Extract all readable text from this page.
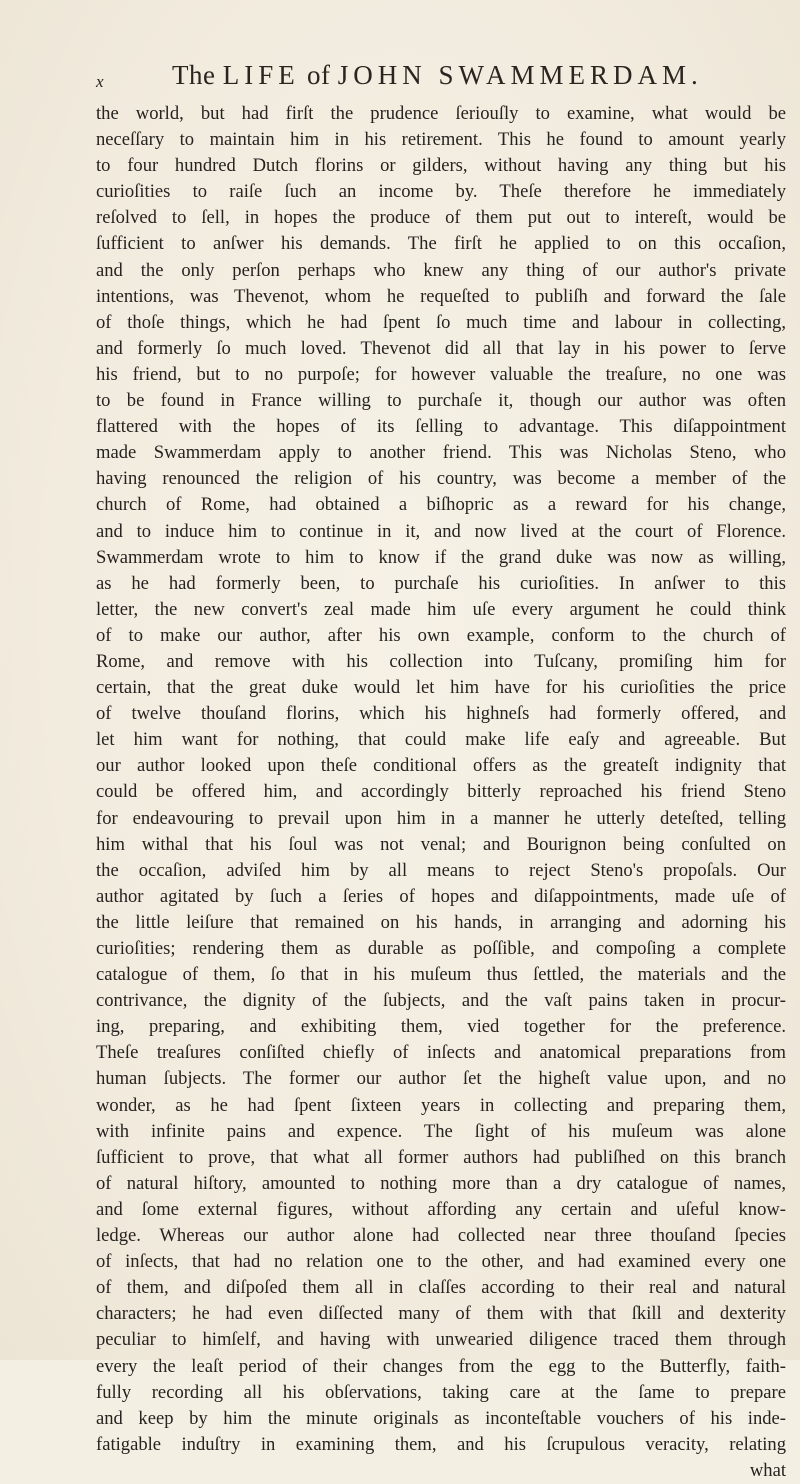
x	The LIFE of JOHN SWAMMERDAM.
the world, but had firſt the prudence ſeriouſly to examine, what would be
neceſſary to maintain him in his retirement. This he found to amount yearly
to four hundred Dutch florins or gilders, without having any thing but his
curioſities to raiſe ſuch an income by. Theſe therefore he immediately
reſolved to ſell, in hopes the produce of them put out to intereſt, would be
ſufficient to anſwer his demands. The firſt he applied to on this occaſion,
and the only perſon perhaps who knew any thing of our author's private
intentions, was Thevenot, whom he requeſted to publiſh and forward the ſale
of thoſe things, which he had ſpent ſo much time and labour in collecting,
and formerly ſo much loved. Thevenot did all that lay in his power to ſerve
his friend, but to no purpoſe; for however valuable the treaſure, no one was
to be found in France willing to purchaſe it, though our author was often
flattered with the hopes of its ſelling to advantage. This diſappointment
made Swammerdam apply to another friend. This was Nicholas Steno, who
having renounced the religion of his country, was become a member of the
church of Rome, had obtained a biſhopric as a reward for his change,
and to induce him to continue in it, and now lived at the court of Florence.
Swammerdam wrote to him to know if the grand duke was now as willing,
as he had formerly been, to purchaſe his curioſities. In anſwer to this
letter, the new convert's zeal made him uſe every argument he could think
of to make our author, after his own example, conform to the church of
Rome, and remove with his collection into Tuſcany, promiſing him for
certain, that the great duke would let him have for his curioſities the price
of twelve thouſand florins, which his highneſs had formerly offered, and
let him want for nothing, that could make life eaſy and agreeable. But
our author looked upon theſe conditional offers as the greateſt indignity that
could be offered him, and accordingly bitterly reproached his friend Steno
for endeavouring to prevail upon him in a manner he utterly deteſted, telling
him withal that his ſoul was not venal; and Bourignon being conſulted on
the occaſion, adviſed him by all means to reject Steno's propoſals. Our
author agitated by ſuch a ſeries of hopes and diſappointments, made uſe of
the little leiſure that remained on his hands, in arranging and adorning his
curioſities; rendering them as durable as poſſible, and compoſing a complete
catalogue of them, ſo that in his muſeum thus ſettled, the materials and the
contrivance, the dignity of the ſubjects, and the vaſt pains taken in procur-
ing, preparing, and exhibiting them, vied together for the preference.
Theſe treaſures conſiſted chiefly of inſects and anatomical preparations from
human ſubjects. The former our author ſet the higheſt value upon, and no
wonder, as he had ſpent ſixteen years in collecting and preparing them,
with infinite pains and expence. The ſight of his muſeum was alone
ſufficient to prove, that what all former authors had publiſhed on this branch
of natural hiſtory, amounted to nothing more than a dry catalogue of names,
and ſome external figures, without affording any certain and uſeful know-
ledge. Whereas our author alone had collected near three thouſand ſpecies
of inſects, that had no relation one to the other, and had examined every one
of them, and diſpoſed them all in claſſes according to their real and natural
characters; he had even diſſected many of them with that ſkill and dexterity
peculiar to himſelf, and having with unwearied diligence traced them through
every the leaſt period of their changes from the egg to the Butterfly, faith-
fully recording all his obſervations, taking care at the ſame to prepare
and keep by him the minute originals as inconteſtable vouchers of his inde-
fatigable induſtry in examining them, and his ſcrupulous veracity, relating
what
